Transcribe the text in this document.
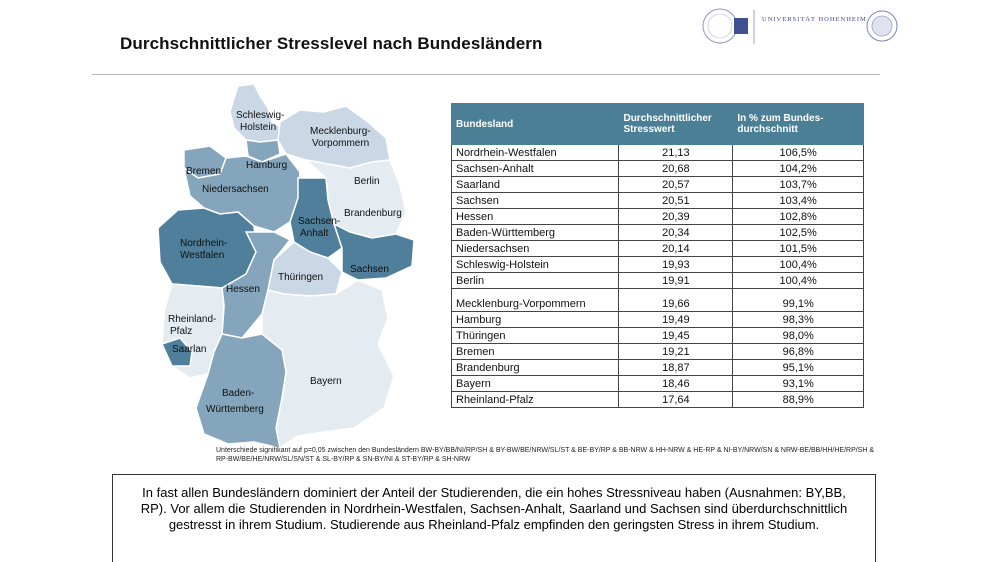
Durchschnittlicher Stresslevel nach Bundesländern
UNIVERSITÄT HOHENHEIM
Schleswig-
Holstein	Mecklenburg-
Vorpommern
Hamburg
Bremen
Niedersachsen
Berlin
Brandenburg
Sachsen-
Anhalt
Nordrhein-
Westfalen
Sachsen
Hessen
Thüringen
Rheinland-
Pfalz
Saarlan
Bayern
Baden-
Württemberg
Bundesland	Durchschnittlicher Stresswert	In % zum Bundes-durchschnitt
Nordrhein-Westfalen	21,13	106,5%
Sachsen-Anhalt	20,68	104,2%
Saarland	20,57	103,7%
Sachsen	20,51	103,4%
Hessen	20,39	102,8%
Baden-Württemberg	20,34	102,5%
Niedersachsen	20,14	101,5%
Schleswig-Holstein	19,93	100,4%
Berlin	19,91	100,4%
Mecklenburg-Vorpommern	19,66	99,1%
Hamburg	19,49	98,3%
Thüringen	19,45	98,0%
Bremen	19,21	96,8%
Brandenburg	18,87	95,1%
Bayern	18,46	93,1%
Rheinland-Pfalz	17,64	88,9%
Unterschiede signifikant auf p=0,05 zwischen den Bundesländern BW-BY/BB/NI/RP/SH & BY-BW/BE/NRW/SL/ST & BE-BY/RP & BB-NRW & HH-NRW & HE-RP & NI-BY/NRW/SN & NRW-BE/BB/HH/HE/RP/SH & RP-BW/BE/HE/NRW/SL/SN/ST & SL-BY/RP & SN-BY/NI & ST-BY/RP & SH-NRW

In fast allen Bundesländern dominiert der Anteil der Studierenden, die ein hohes Stressniveau haben (Ausnahmen: BY,BB, RP). Vor allem die Studierenden in Nordrhein-Westfalen, Sachsen-Anhalt, Saarland und Sachsen sind überdurchschnittlich gestresst in ihrem Studium. Studierende aus Rheinland-Pfalz empfinden den geringsten Stress in ihrem Studium.
